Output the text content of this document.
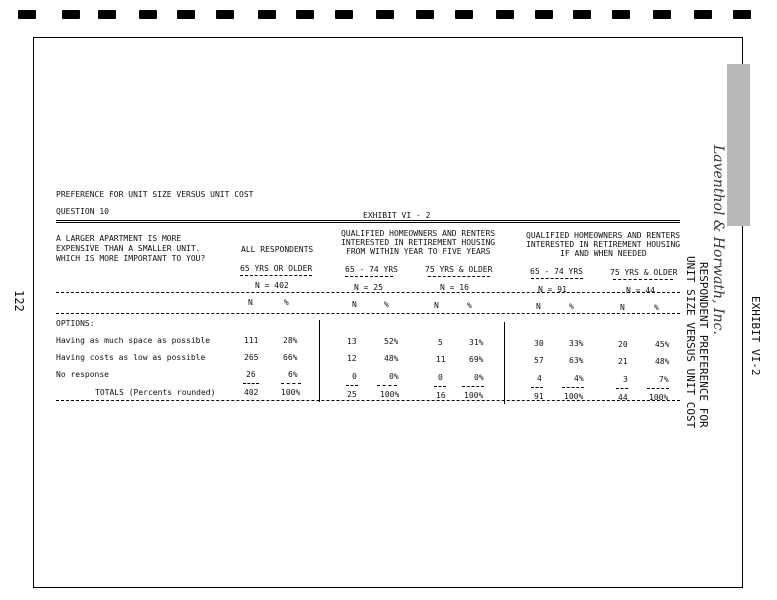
122	Laventhol & Horwath, Inc.
EXHIBIT VI-2
RESPONDENT PREFERENCE FOR
UNIT SIZE VERSUS UNIT COST
PREFERENCE FOR UNIT SIZE VERSUS UNIT COST
QUESTION 10	EXHIBIT VI - 2
A LARGER APARTMENT IS MORE
EXPENSIVE THAN A SMALLER UNIT.
WHICH IS MORE IMPORTANT TO YOU?
ALL RESPONDENTS
65 YRS OR OLDER
N = 402
QUALIFIED HOMEOWNERS AND RENTERS
INTERESTED IN RETIREMENT HOUSING
FROM WITHIN YEAR TO FIVE YEARS
65 - 74 YRS
N = 25
75 YRS & OLDER
N = 16
QUALIFIED HOMEOWNERS AND RENTERS
INTERESTED IN RETIREMENT HOUSING
IF AND WHEN NEEDED
65 - 74 YRS
N = 91
75 YRS & OLDER
N = 44
N	%	N	%	N	%	N	%	N	%
OPTIONS:
Having as much space as possible	111	28%	13	52%	5	31%	30	33%	20	45%
Having costs as low as possible	265	66%	12	48%	11	69%	57	63%	21	48%
No response	26	6%	0	0%	0	0%	4	4%	3	7%
TOTALS (Percents rounded)	402	100%	25	100%	16 100%	91	100%	44	100%
